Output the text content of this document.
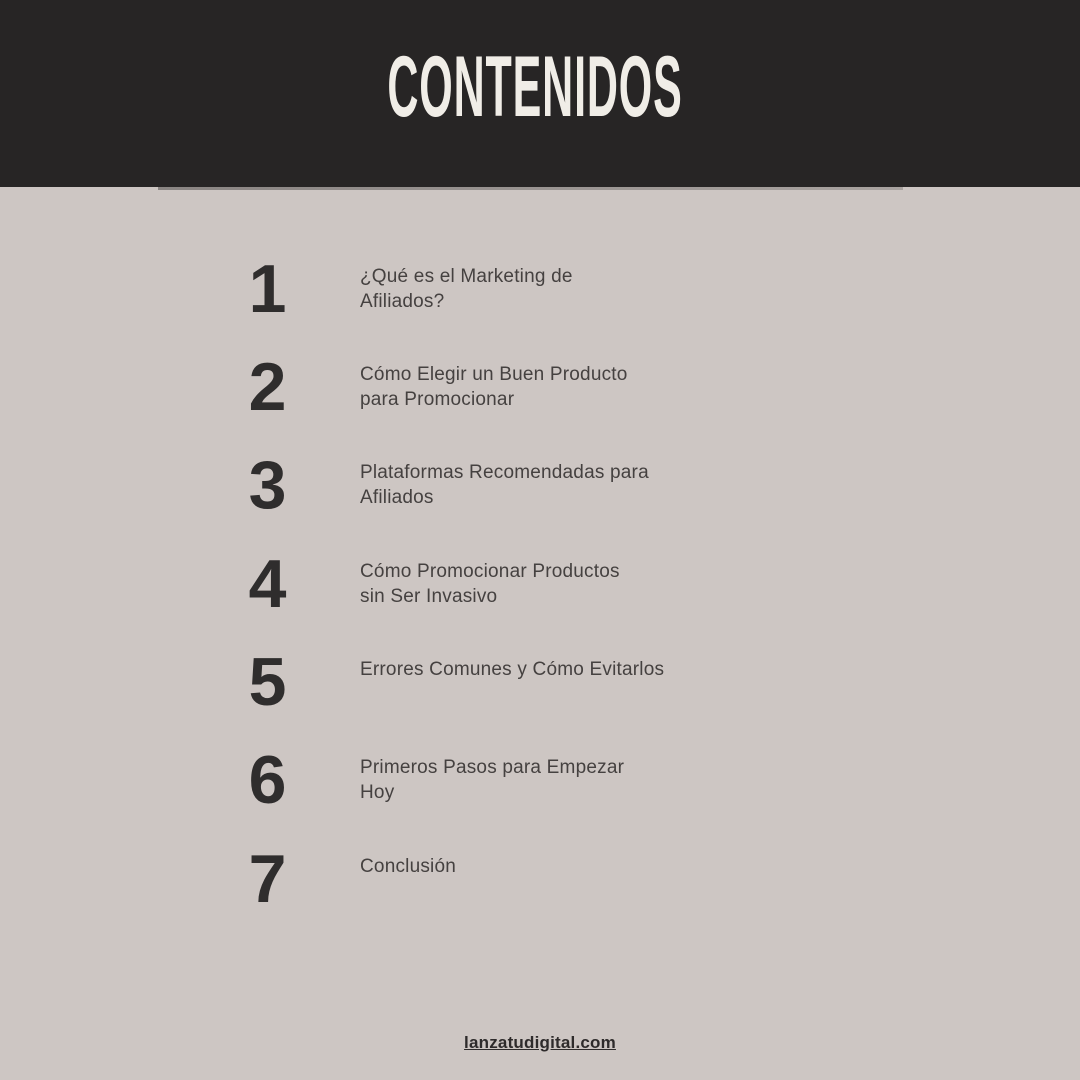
CONTENIDOS
1	¿Qué es el Marketing de
Afiliados?
2	Cómo Elegir un Buen Producto
para Promocionar
3	Plataformas Recomendadas para
Afiliados
4	Cómo Promocionar Productos
sin Ser Invasivo
5	Errores Comunes y Cómo Evitarlos
6	Primeros Pasos para Empezar
Hoy
7	Conclusión
lanzatudigital.com
